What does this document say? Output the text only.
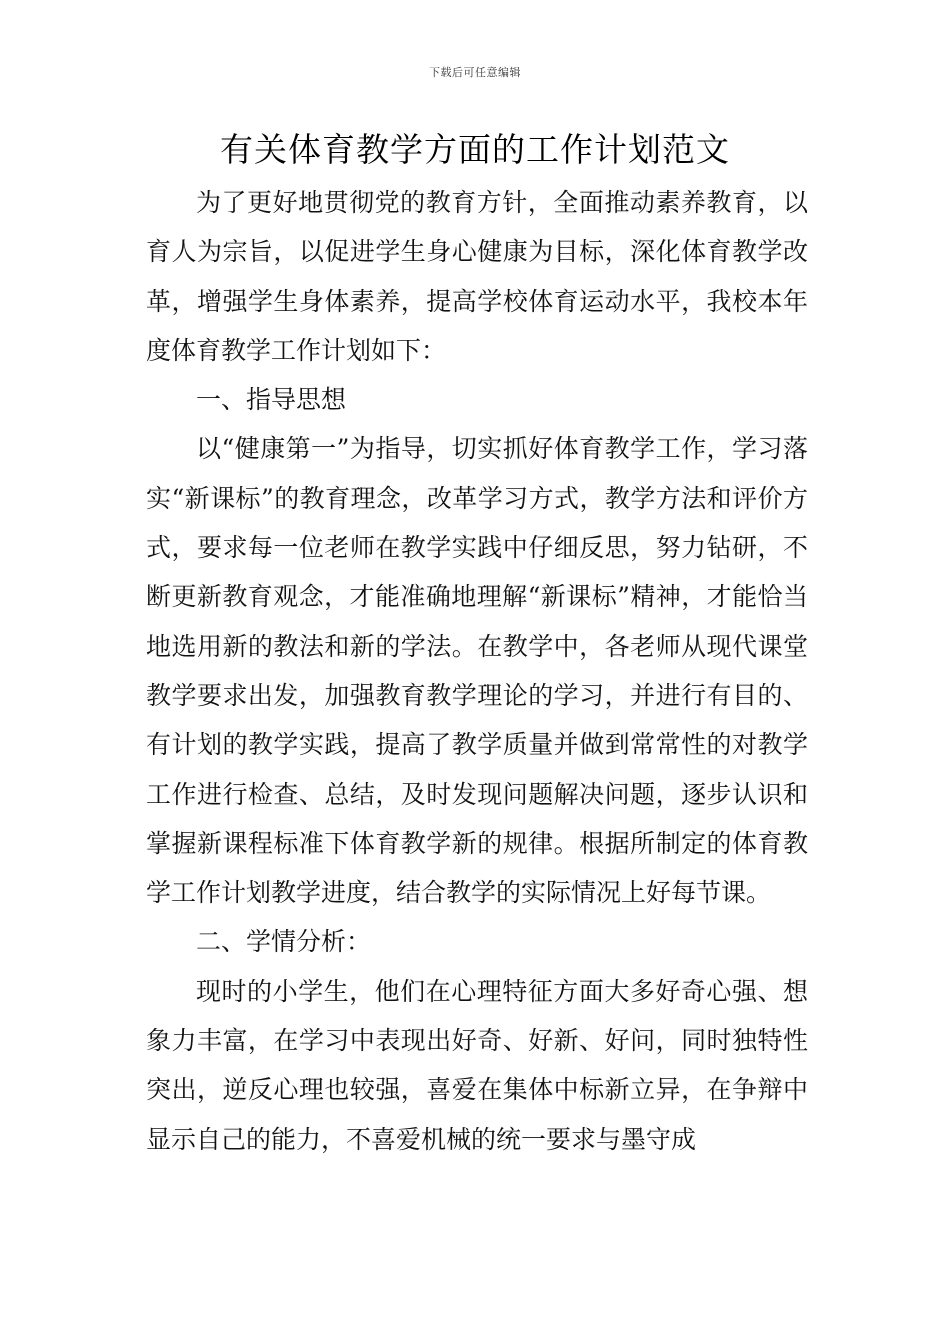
下载后可任意编辑
有关体育教学方面的工作计划范文

为了更好地贯彻党的教育方针，全面推动素养教育，以育人为宗旨，以促进学生身心健康为目标，深化体育教学改革，增强学生身体素养，提高学校体育运动水平，我校本年度体育教学工作计划如下：

一、指导思想

以“健康第一”为指导，切实抓好体育教学工作，学习落实“新课标”的教育理念，改革学习方式，教学方法和评价方式，要求每一位老师在教学实践中仔细反思，努力钻研，不断更新教育观念，才能准确地理解“新课标”精神，才能恰当地选用新的教法和新的学法。在教学中，各老师从现代课堂教学要求出发，加强教育教学理论的学习，并进行有目的、有计划的教学实践，提高了教学质量并做到常常性的对教学工作进行检查、总结，及时发现问题解决问题，逐步认识和掌握新课程标准下体育教学新的规律。根据所制定的体育教学工作计划教学进度，结合教学的实际情况上好每节课。

二、学情分析：

现时的小学生，他们在心理特征方面大多好奇心强、想象力丰富，在学习中表现出好奇、好新、好问，同时独特性突出，逆反心理也较强，喜爱在集体中标新立异，在争辩中显示自己的能力，不喜爱机械的统一要求与墨守成
